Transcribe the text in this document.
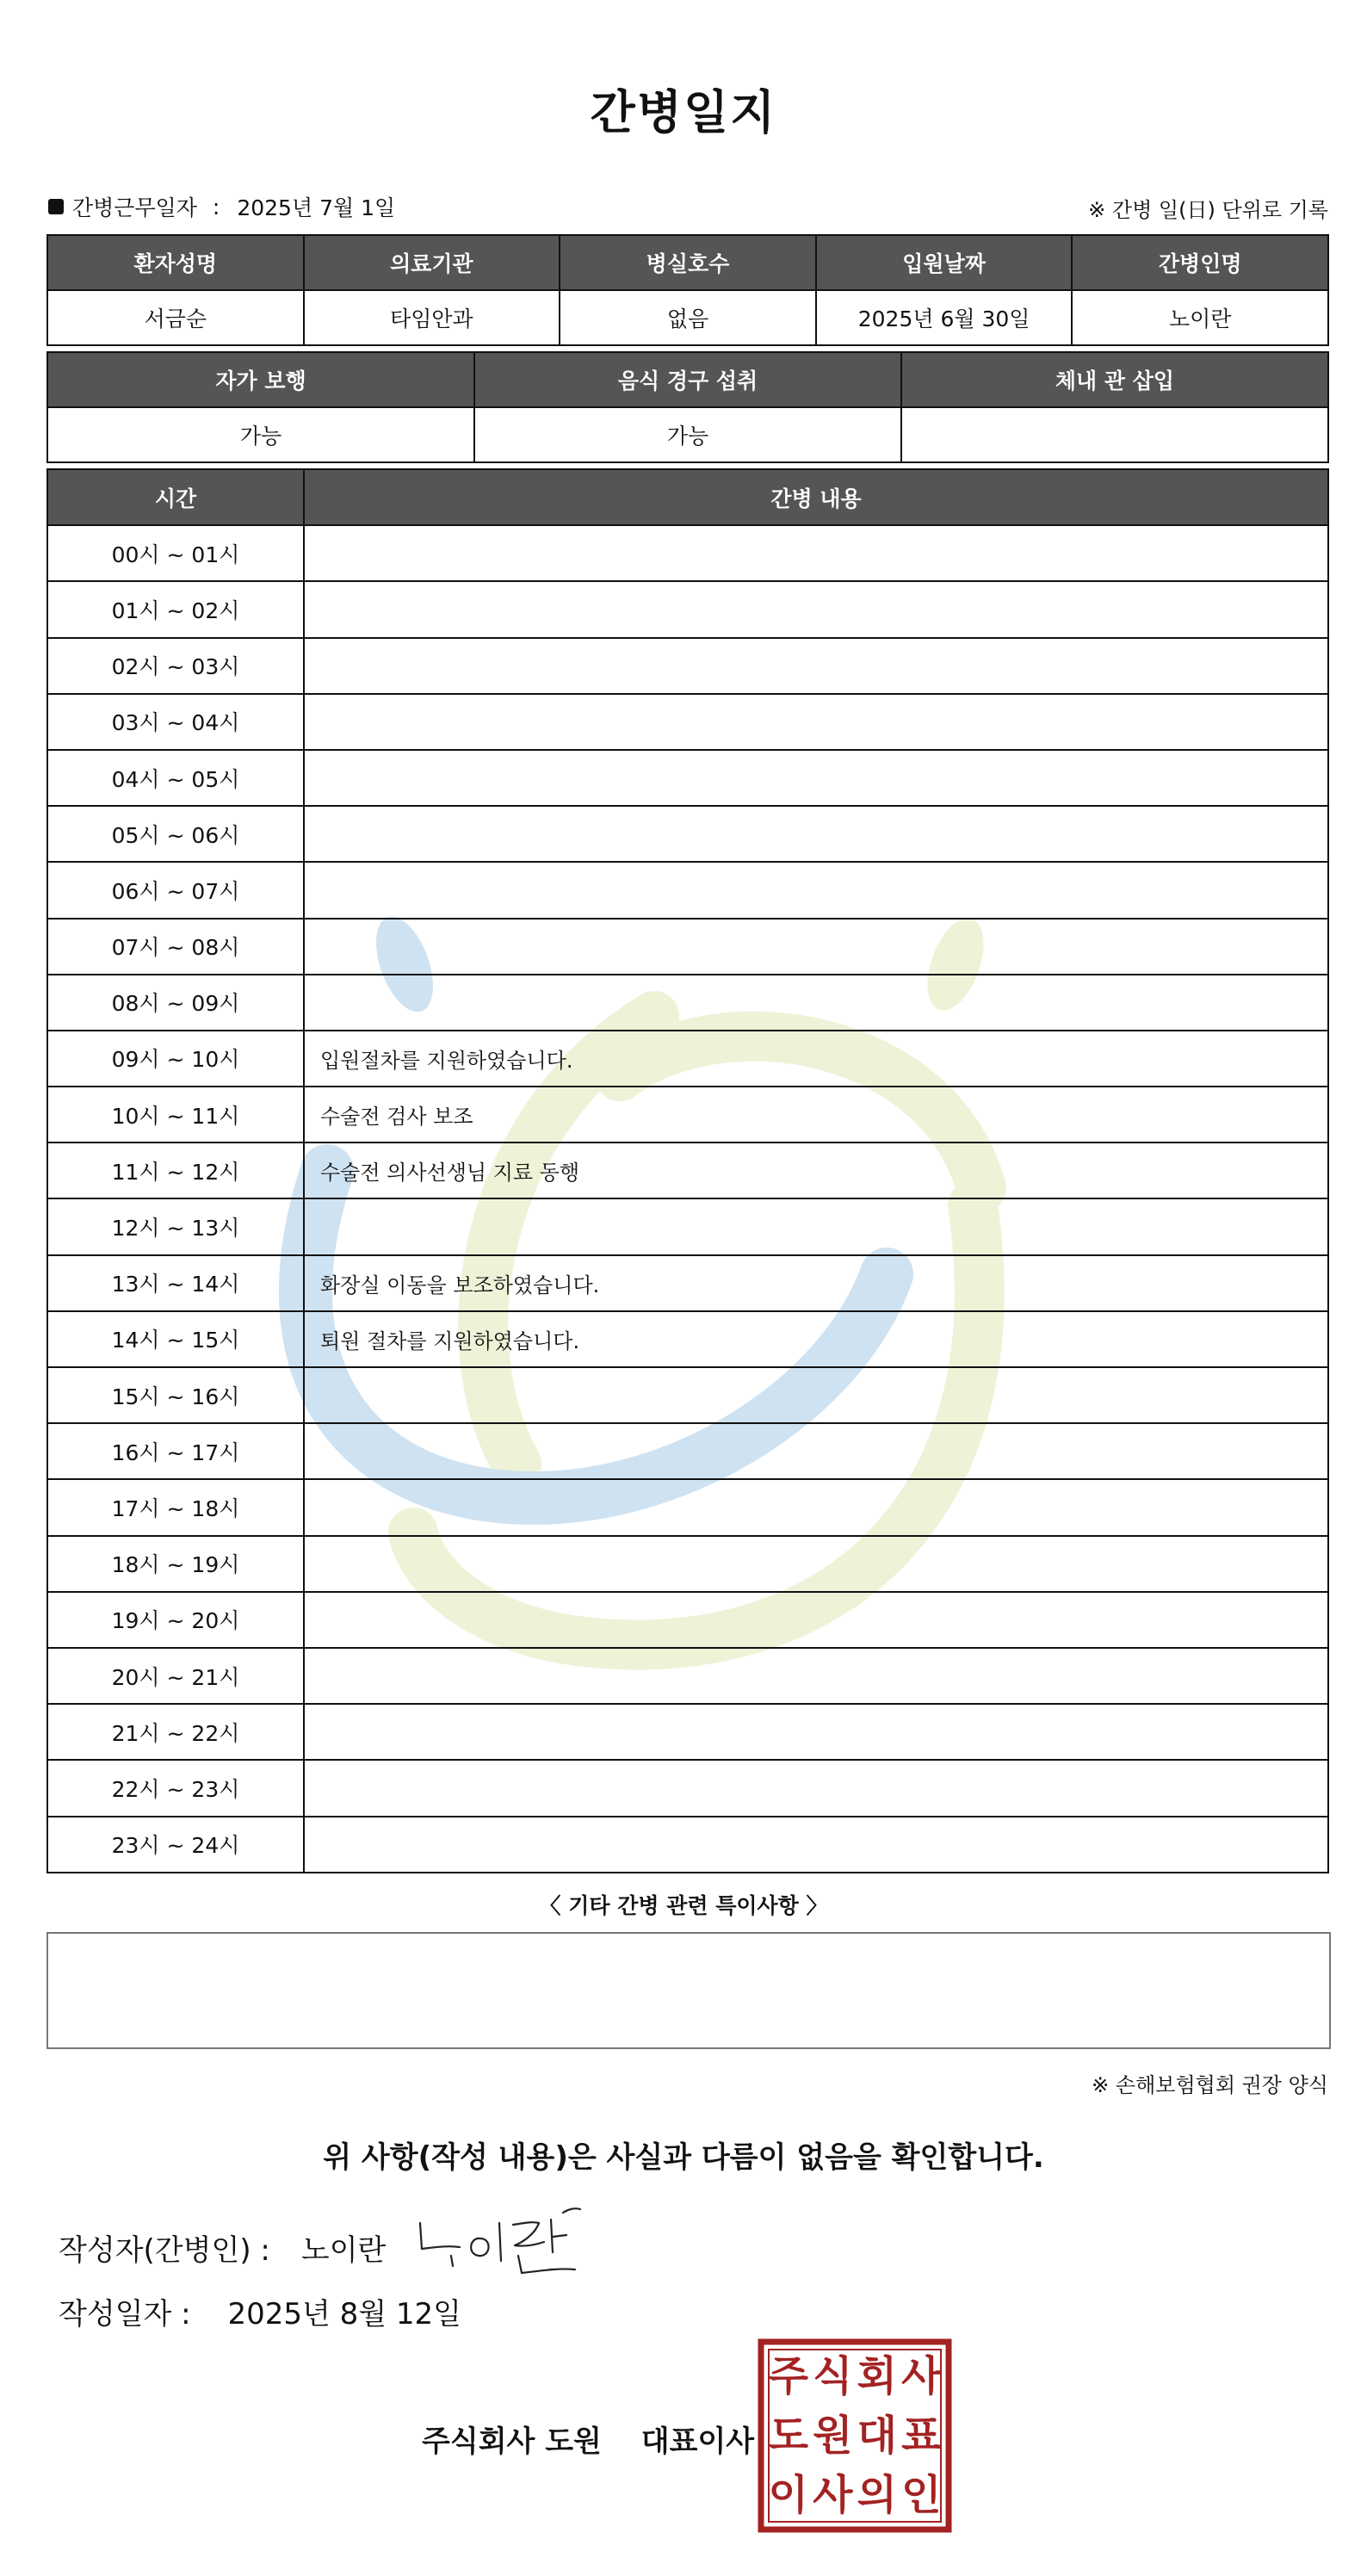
간병일지
간병근무일자 : 2025년 7월 1일	※ 간병 일(日) 단위로 기록
환자성명	의료기관	병실호수	입원날짜	간병인명
서금순	타임안과	없음	2025년 6월 30일	노이란
자가 보행	음식 경구 섭취	체내 관 삽입
가능	가능	
시간	간병 내용
00시 ~ 01시	
01시 ~ 02시	
02시 ~ 03시	
03시 ~ 04시	
04시 ~ 05시	
05시 ~ 06시	
06시 ~ 07시	
07시 ~ 08시	
08시 ~ 09시	
09시 ~ 10시	입원절차를 지원하였습니다.
10시 ~ 11시	수술전 검사 보조
11시 ~ 12시	수술전 의사선생님 지료 동행
12시 ~ 13시	
13시 ~ 14시	화장실 이동을 보조하였습니다.
14시 ~ 15시	퇴원 절차를 지원하였습니다.
15시 ~ 16시	
16시 ~ 17시	
17시 ~ 18시	
18시 ~ 19시	
19시 ~ 20시	
20시 ~ 21시	
21시 ~ 22시	
22시 ~ 23시	
23시 ~ 24시	
〈 기타 간병 관련 특이사항 〉
※ 손해보험협회 권장 양식
위 사항(작성 내용)은 사실과 다름이 없음을 확인합니다.
작성자(간병인) : 노이란
작성일자 : 2025년 8월 12일
주식회사 도원 대표이사
주 식 회 사
도 원 대 표
이 사 의 인
